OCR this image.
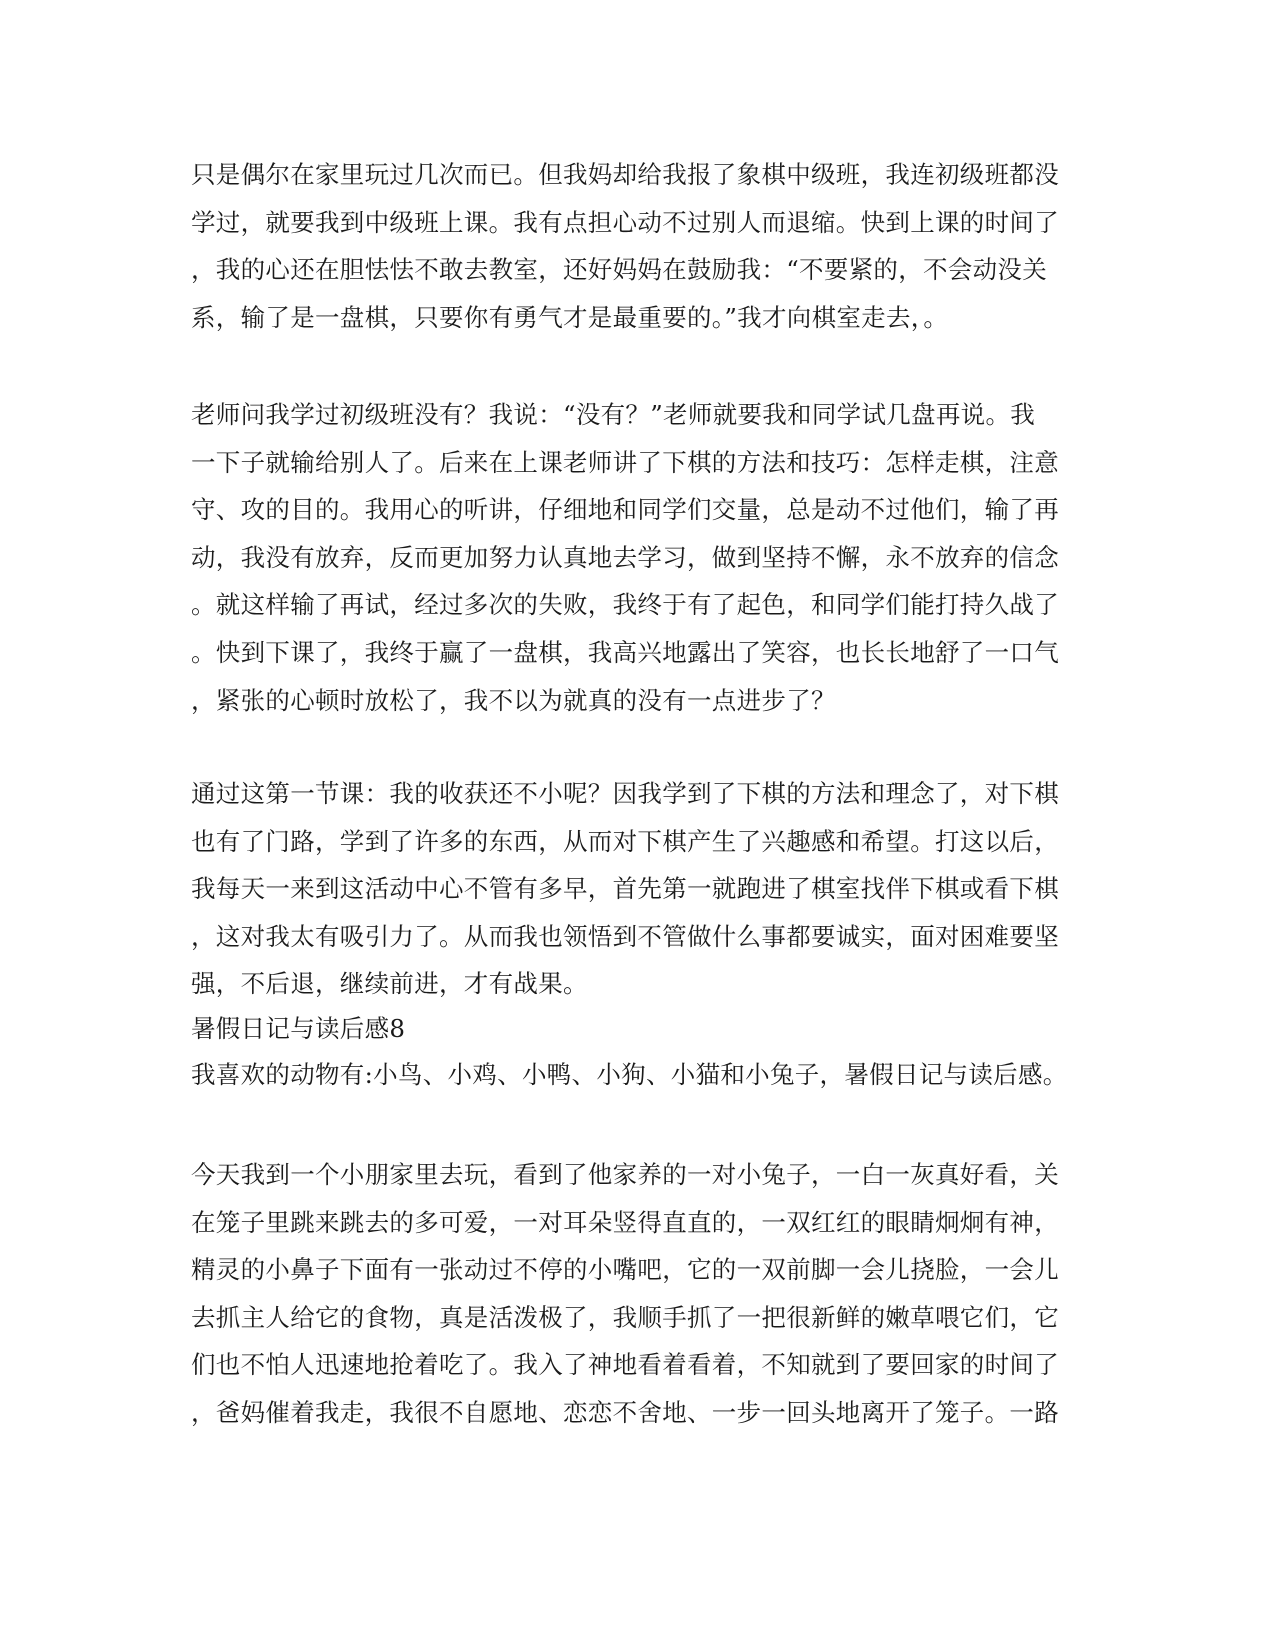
只是偶尔在家里玩过几次而已。但我妈却给我报了象棋中级班，我连初级班都没
学过，就要我到中级班上课。我有点担心动不过别人而退缩。快到上课的时间了
，我的心还在胆怯怯不敢去教室，还好妈妈在鼓励我：“不要紧的，不会动没关
系，输了是一盘棋，只要你有勇气才是最重要的。”我才向棋室走去，。
老师问我学过初级班没有？我说：“没有？”老师就要我和同学试几盘再说。我
一下子就输给别人了。后来在上课老师讲了下棋的方法和技巧：怎样走棋，注意
守、攻的目的。我用心的听讲，仔细地和同学们交量，总是动不过他们，输了再
动，我没有放弃，反而更加努力认真地去学习，做到坚持不懈，永不放弃的信念
。就这样输了再试，经过多次的失败，我终于有了起色，和同学们能打持久战了
。快到下课了，我终于赢了一盘棋，我高兴地露出了笑容，也长长地舒了一口气
，紧张的心顿时放松了，我不以为就真的没有一点进步了？
通过这第一节课：我的收获还不小呢？因我学到了下棋的方法和理念了，对下棋
也有了门路，学到了许多的东西，从而对下棋产生了兴趣感和希望。打这以后，
我每天一来到这活动中心不管有多早，首先第一就跑进了棋室找伴下棋或看下棋
，这对我太有吸引力了。从而我也领悟到不管做什么事都要诚实，面对困难要坚
强，不后退，继续前进，才有战果。
暑假日记与读后感8
我喜欢的动物有:小鸟、小鸡、小鸭、小狗、小猫和小兔子，暑假日记与读后感。
今天我到一个小朋家里去玩，看到了他家养的一对小兔子，一白一灰真好看，关
在笼子里跳来跳去的多可爱，一对耳朵竖得直直的，一双红红的眼睛炯炯有神，
精灵的小鼻子下面有一张动过不停的小嘴吧，它的一双前脚一会儿挠脸，一会儿
去抓主人给它的食物，真是活泼极了，我顺手抓了一把很新鲜的嫩草喂它们，它
们也不怕人迅速地抢着吃了。我入了神地看着看着，不知就到了要回家的时间了
，爸妈催着我走，我很不自愿地、恋恋不舍地、一步一回头地离开了笼子。一路
